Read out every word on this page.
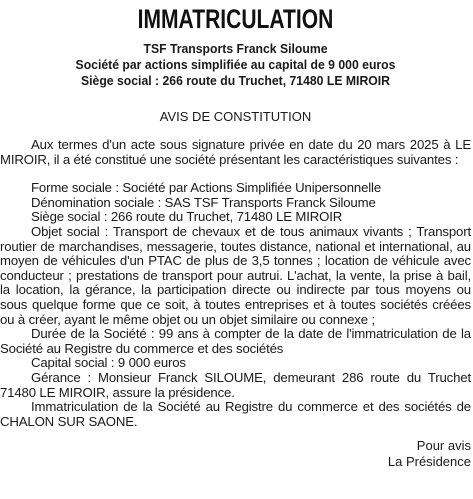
IMMATRICULATION
TSF Transports Franck Siloume
Société par actions simplifiée au capital de 9 000 euros
Siège social : 266 route du Truchet, 71480 LE MIROIR
AVIS DE CONSTITUTION

Aux termes d'un acte sous signature privée en date du 20 mars 2025 à LE MIROIR, il a été constitué une société présentant les caractéristiques suivantes :

Forme sociale : Société par Actions Simplifiée Unipersonnelle

Dénomination sociale : SAS TSF Transports Franck Siloume

Siège social : 266 route du Truchet, 71480 LE MIROIR

Objet social : Transport de chevaux et de tous animaux vivants ; Transport routier de marchandises, messagerie, toutes distance, national et international, au moyen de véhicules d'un PTAC de plus de 3,5 tonnes ; location de véhicule avec conducteur ; prestations de transport pour autrui. L'achat, la vente, la prise à bail, la location, la gérance, la participation directe ou indirecte par tous moyens ou sous quelque forme que ce soit, à toutes entreprises et à toutes sociétés créées ou à créer, ayant le même objet ou un objet similaire ou connexe ;

Durée de la Société : 99 ans à compter de la date de l'immatriculation de la Société au Registre du commerce et des sociétés

Capital social : 9 000 euros

Gérance : Monsieur Franck SILOUME, demeurant 286 route du Truchet 71480 LE MIROIR, assure la présidence.

Immatriculation de la Société au Registre du commerce et des sociétés de CHALON SUR SAONE.

Pour avis
La Présidence
